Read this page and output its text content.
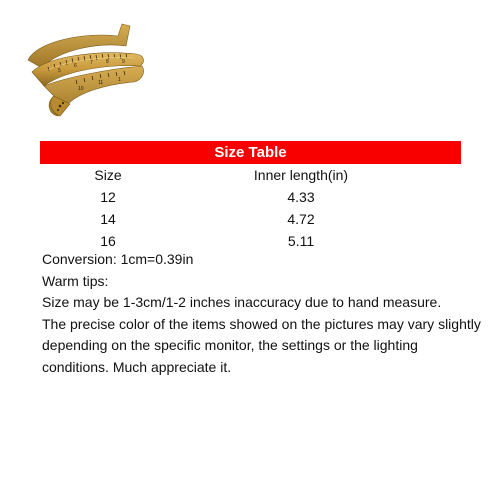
5
6	7	8	9
10
11	1
Size Table
Size	Inner length(in)
12	4.33
14	4.72
16	5.11
Conversion: 1cm=0.39in
Warm tips:
Size may be 1-3cm/1-2 inches inaccuracy due to hand measure.
The precise color of the items showed on the pictures may vary slightly depending on the specific monitor, the settings or the lighting conditions. Much appreciate it.
